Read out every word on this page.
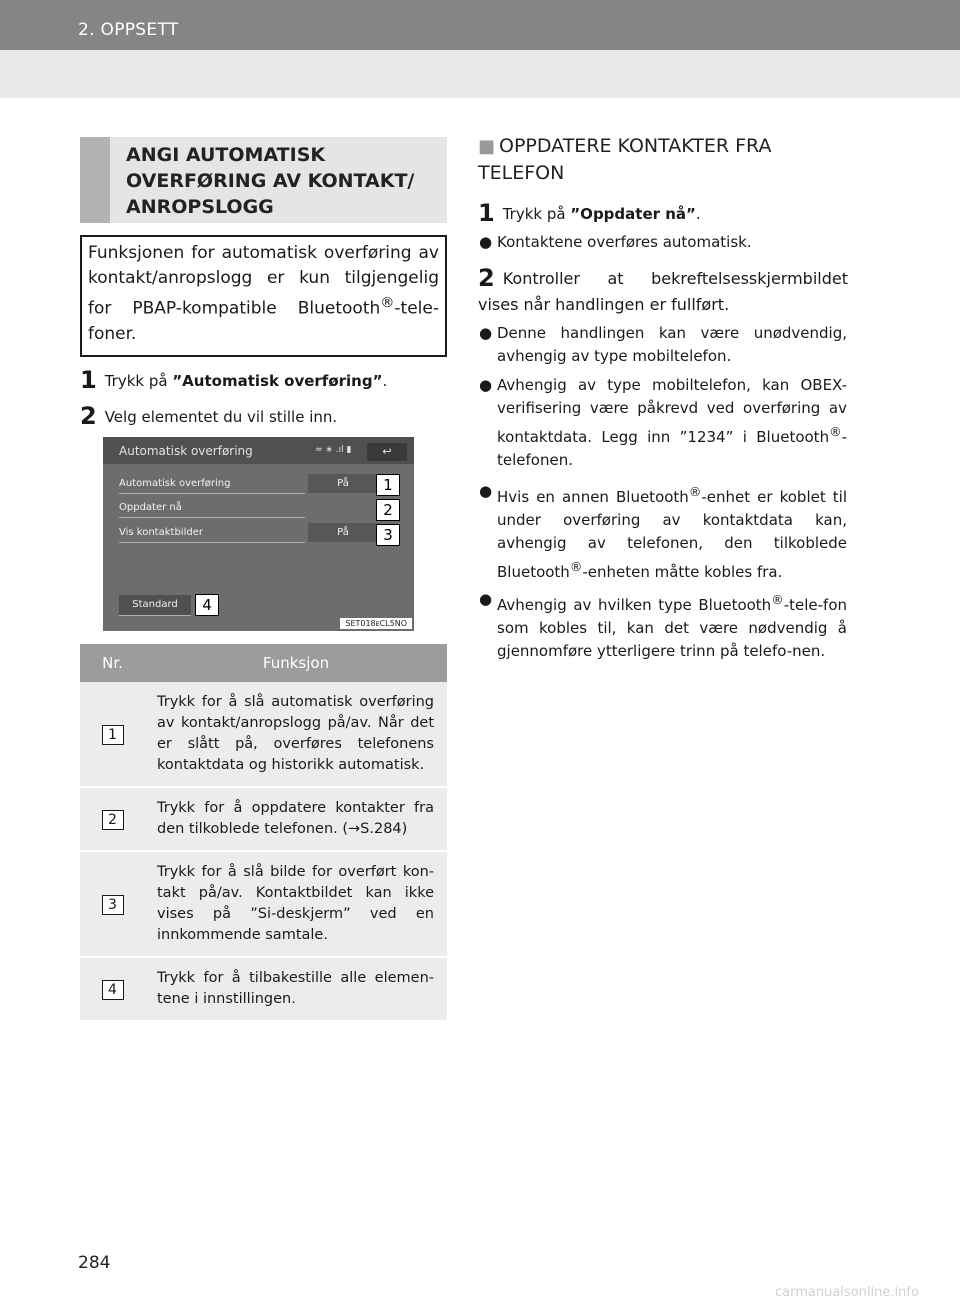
2. OPPSETT
ANGI AUTOMATISK OVERFØRING AV KONTAKT/ ANROPSLOGG

Funksjonen for automatisk overføring av kontakt/anropslogg er kun tilgjengelig for PBAP-kompatible Bluetooth®-tele-foner.

1 Trykk på ”Automatisk overføring”.
2 Velg elementet du vil stille inn.
Automatisk overføring	≈ ∗ .ıl ▮	↩
Automatisk overføring	På	1
Oppdater nå	2
Vis kontaktbilder	På	3
Standard	4
SET018ᴇCL5NO
Nr.	Funksjon
1	Trykk for å slå automatisk overføring av kontakt/anropslogg på/av. Når det er slått på, overføres telefonens kontaktdata og historikk automatisk.
2	Trykk for å oppdatere kontakter fra den tilkoblede telefonen. (→S.284)
3	Trykk for å slå bilde for overført kon-takt på/av. Kontaktbildet kan ikke vises på ”Si-deskjerm” ved en innkommende samtale.
4	Trykk for å tilbakestille alle elemen-tene i innstillingen.
■ OPPDATERE KONTAKTER FRA TELEFON
1 Trykk på ”Oppdater nå”.
● Kontaktene overføres automatisk.
2 Kontroller at bekreftelsesskjermbildet vises når handlingen er fullført.
● Denne handlingen kan være unødvendig, avhengig av type mobiltelefon.
● Avhengig av type mobiltelefon, kan OBEX-verifisering være påkrevd ved overføring av kontaktdata. Legg inn ”1234” i Bluetooth®-telefonen.
● Hvis en annen Bluetooth®-enhet er koblet til under overføring av kontaktdata kan, avhengig av telefonen, den tilkoblede Bluetooth®-enheten måtte kobles fra.
● Avhengig av hvilken type Bluetooth®-tele-fon som kobles til, kan det være nødvendig å gjennomføre ytterligere trinn på telefo-nen.
284
carmanualsonline.info
